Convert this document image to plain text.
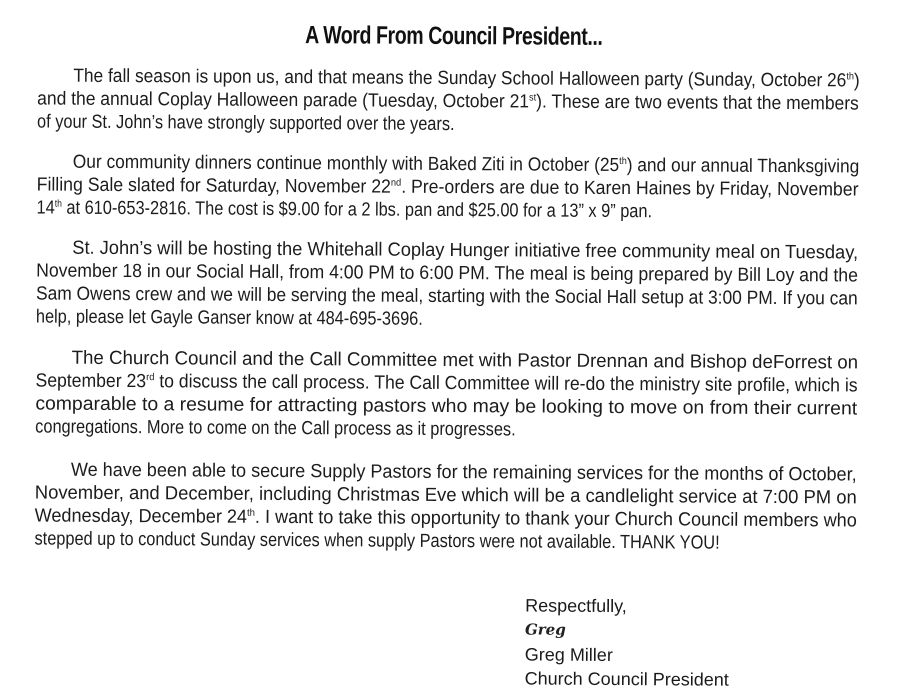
A Word From Council President...
The fall season is upon us, and that means the Sunday School Halloween party (Sunday, October 26th)
and the annual Coplay Halloween parade (Tuesday, October 21st). These are two events that the members
of your St. John’s have strongly supported over the years.
Our community dinners continue monthly with Baked Ziti in October (25th) and our annual Thanksgiving
Filling Sale slated for Saturday, November 22nd. Pre-orders are due to Karen Haines by Friday, November
14th at 610-653-2816. The cost is $9.00 for a 2 lbs. pan and $25.00 for a 13” x 9” pan.
St. John’s will be hosting the Whitehall Coplay Hunger initiative free community meal on Tuesday,
November 18 in our Social Hall, from 4:00 PM to 6:00 PM. The meal is being prepared by Bill Loy and the
Sam Owens crew and we will be serving the meal, starting with the Social Hall setup at 3:00 PM. If you can
help, please let Gayle Ganser know at 484-695-3696.
The Church Council and the Call Committee met with Pastor Drennan and Bishop deForrest on
September 23rd to discuss the call process. The Call Committee will re-do the ministry site profile, which is
comparable to a resume for attracting pastors who may be looking to move on from their current
congregations. More to come on the Call process as it progresses.
We have been able to secure Supply Pastors for the remaining services for the months of October,
November, and December, including Christmas Eve which will be a candlelight service at 7:00 PM on
Wednesday, December 24th. I want to take this opportunity to thank your Church Council members who
stepped up to conduct Sunday services when supply Pastors were not available. THANK YOU!
Respectfully,
Greg
Greg Miller
Church Council President
